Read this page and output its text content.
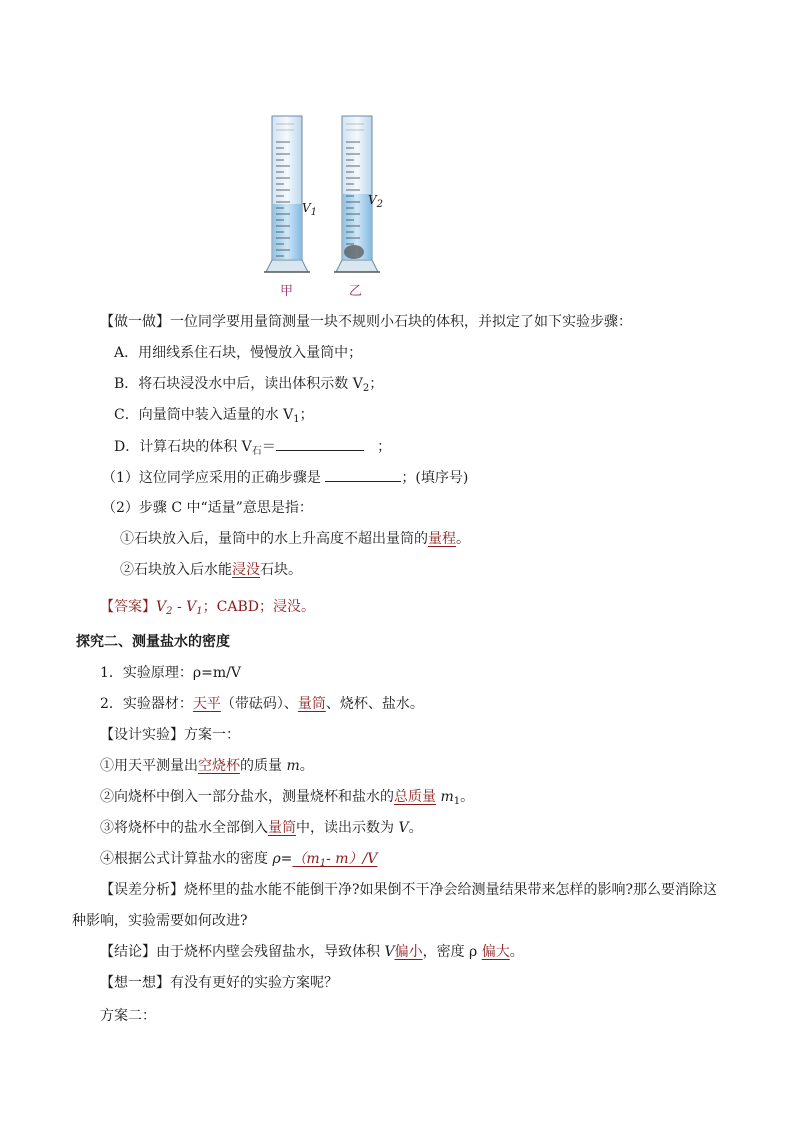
$V_1$
$V_2$
甲	乙
【做一做】一位同学要用量筒测量一块不规则小石块的体积，并拟定了如下实验步骤：
A．用细线系住石块，慢慢放入量筒中；
B．将石块浸没水中后，读出体积示数 $V_2$；
C．向量筒中装入适量的水 $V_1$；
D．计算石块的体积 $V_石=$	；
（1）这位同学应采用的正确步骤是	；(填序号)
（2）步骤 C 中“适量”意思是指：
①石块放入后，量筒中的水上升高度不超出量筒的量程。
②石块放入后水能浸没石块。
【答案】$V_2 - V_1$；CABD；浸没。
探究二、测量盐水的密度
1．实验原理：ρ=m/V
2．实验器材：天平（带砝码）、量筒、烧杯、盐水。
【设计实验】方案一：
①用天平测量出空烧杯的质量 m。
②向烧杯中倒入一部分盐水，测量烧杯和盐水的总质量 $m_1$。
③将烧杯中的盐水全部倒入量筒中，读出示数为 V。
④根据公式计算盐水的密度 $\rho=(m_1-$ m）/V
【误差分析】烧杯里的盐水能不能倒干净?如果倒不干净会给测量结果带来怎样的影响?那么要消除这
种影响，实验需要如何改进?
【结论】由于烧杯内壁会残留盐水，导致体积 V偏小，密度 ρ 偏大。
【想一想】有没有更好的实验方案呢？
方案二：
